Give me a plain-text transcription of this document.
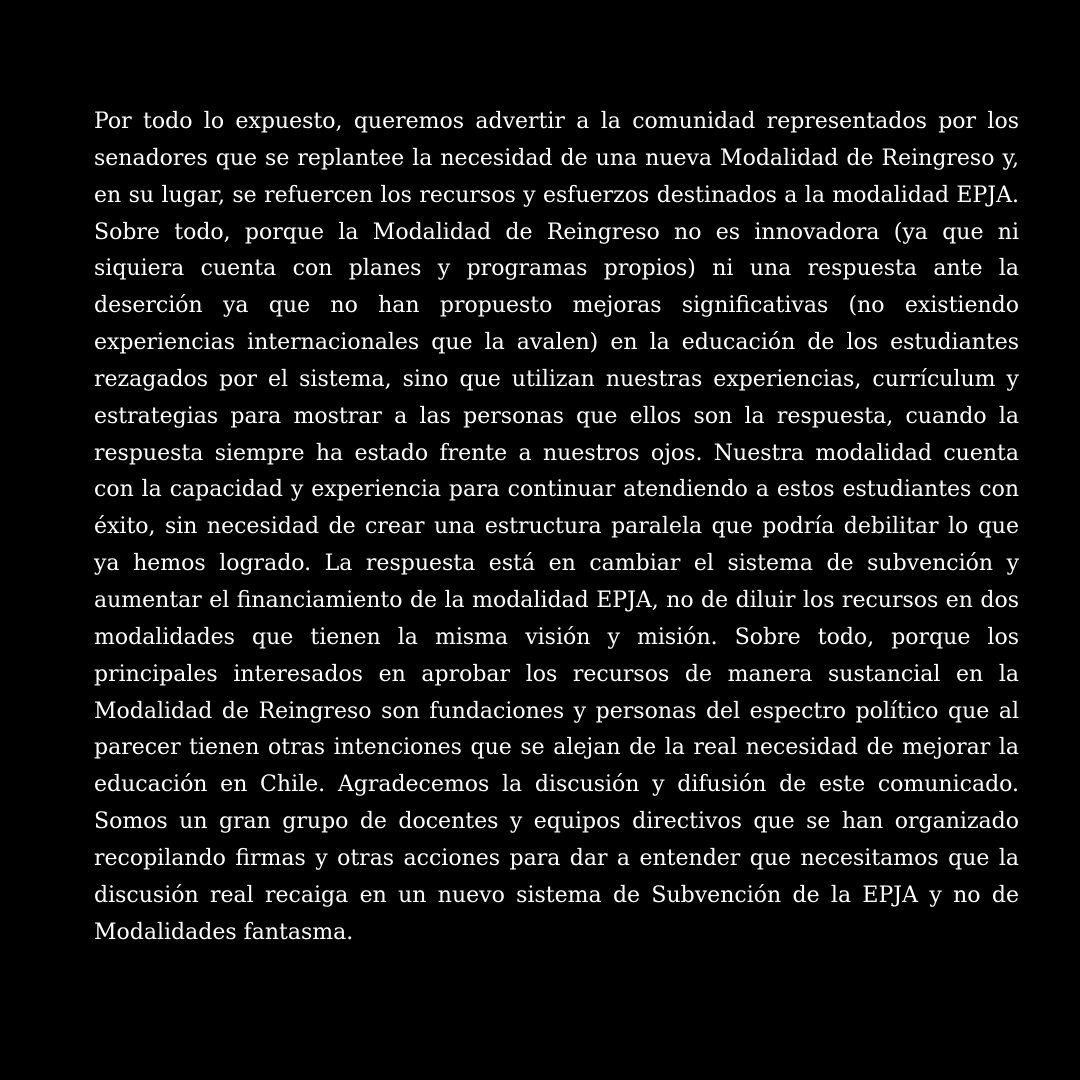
Por todo lo expuesto, queremos advertir a la comunidad representados por los senadores que se replantee la necesidad de una nueva Modalidad de Reingreso y, en su lugar, se refuercen los recursos y esfuerzos destinados a la modalidad EPJA. Sobre todo, porque la Modalidad de Reingreso no es innovadora (ya que ni siquiera cuenta con planes y programas propios) ni una respuesta ante la deserción ya que no han propuesto mejoras significativas (no existiendo experiencias internacionales que la avalen) en la educación de los estudiantes rezagados por el sistema, sino que utilizan nuestras experiencias, currículum y estrategias para mostrar a las personas que ellos son la respuesta, cuando la respuesta siempre ha estado frente a nuestros ojos. Nuestra modalidad cuenta con la capacidad y experiencia para continuar atendiendo a estos estudiantes con éxito, sin necesidad de crear una estructura paralela que podría debilitar lo que ya hemos logrado. La respuesta está en cambiar el sistema de subvención y aumentar el financiamiento de la modalidad EPJA, no de diluir los recursos en dos modalidades que tienen la misma visión y misión. Sobre todo, porque los principales interesados en aprobar los recursos de manera sustancial en la Modalidad de Reingreso son fundaciones y personas del espectro político que al parecer tienen otras intenciones que se alejan de la real necesidad de mejorar la educación en Chile. Agradecemos la discusión y difusión de este comunicado. Somos un gran grupo de docentes y equipos directivos que se han organizado recopilando firmas y otras acciones para dar a entender que necesitamos que la discusión real recaiga en un nuevo sistema de Subvención de la EPJA y no de Modalidades fantasma.
